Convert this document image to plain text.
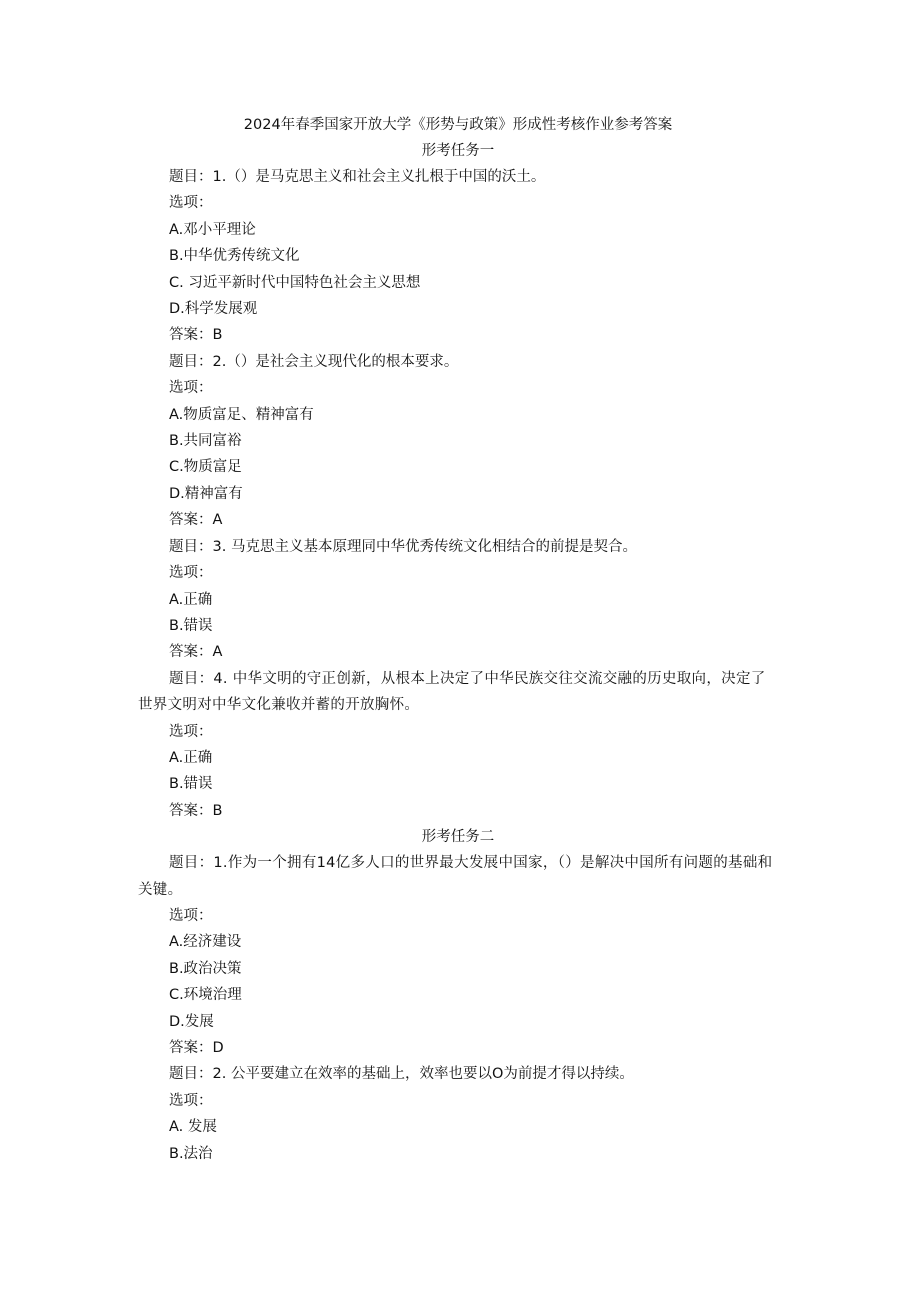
2024年春季国家开放大学《形势与政策》形成性考核作业参考答案
形考任务一
题目：1.（）是马克思主义和社会主义扎根于中国的沃土。
选项：
A.邓小平理论
B.中华优秀传统文化
C. 习近平新时代中国特色社会主义思想
D.科学发展观
答案：B
题目：2.（）是社会主义现代化的根本要求。
选项：
A.物质富足、精神富有
B.共同富裕
C.物质富足
D.精神富有
答案：A
题目：3. 马克思主义基本原理同中华优秀传统文化相结合的前提是契合。
选项：
A.正确
B.错误
答案：A
题目：4. 中华文明的守正创新，从根本上决定了中华民族交往交流交融的历史取向，决定了世界文明对中华文化兼收并蓄的开放胸怀。
选项：
A.正确
B.错误
答案：B
形考任务二
题目：1.作为一个拥有14亿多人口的世界最大发展中国家，（）是解决中国所有问题的基础和关键。
选项：
A.经济建设
B.政治决策
C.环境治理
D.发展
答案：D
题目：2. 公平要建立在效率的基础上，效率也要以O为前提才得以持续。
选项：
A. 发展
B.法治
